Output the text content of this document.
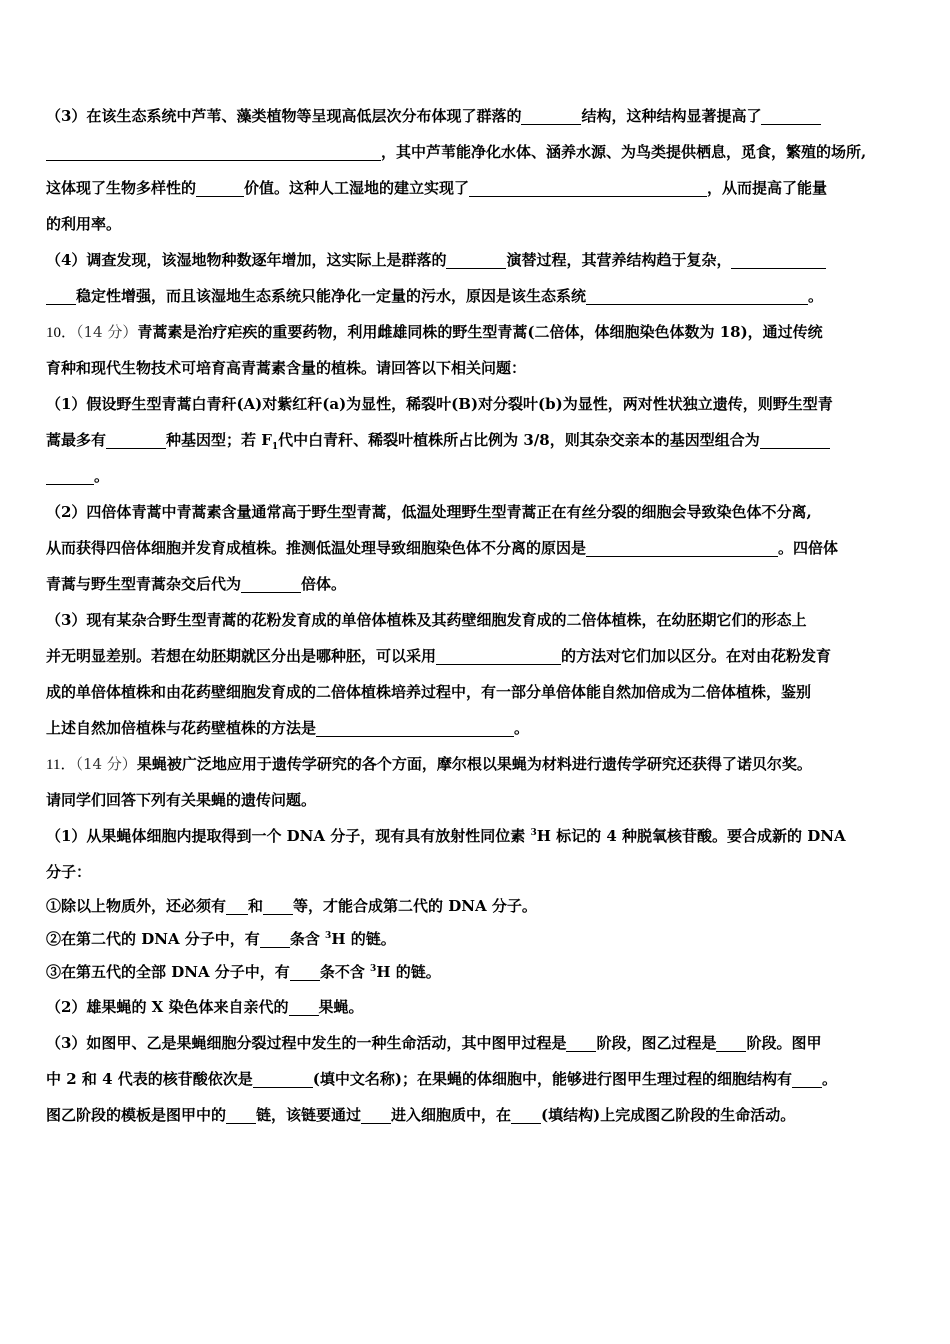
（3）在该生态系统中芦苇、藻类植物等呈现高低层次分布体现了群落的	结构，这种结构显著提高了
，其中芦苇能净化水体、涵养水源、为鸟类提供栖息，觅食，繁殖的场所,
这体现了生物多样性的	价值。这种人工湿地的建立实现了	，从而提高了能量
的利用率。
（4）调查发现，该湿地物种数逐年增加，这实际上是群落的	演替过程，其营养结构趋于复杂，
稳定性增强，而且该湿地生态系统只能净化一定量的污水，原因是该生态系统	。
10．（14 分）青蒿素是治疗疟疾的重要药物，利用雌雄同株的野生型青蒿(二倍体，体细胞染色体数为 18)，通过传统
育种和现代生物技术可培育高青蒿素含量的植株。请回答以下相关问题：
（1）假设野生型青蒿白青秆(A)对紫红秆(a)为显性，稀裂叶(B)对分裂叶(b)为显性，两对性状独立遗传，则野生型青
蒿最多有	种基因型；若 $F_1$代中白青秆、稀裂叶植株所占比例为 3/8，则其杂交亲本的基因型组合为
。
（2）四倍体青蒿中青蒿素含量通常高于野生型青蒿，低温处理野生型青蒿正在有丝分裂的细胞会导致染色体不分离,
从而获得四倍体细胞并发育成植株。推测低温处理导致细胞染色体不分离的原因是	。四倍体
青蒿与野生型青蒿杂交后代为	倍体。
（3）现有某杂合野生型青蒿的花粉发育成的单倍体植株及其药壁细胞发育成的二倍体植株，在幼胚期它们的形态上
并无明显差别。若想在幼胚期就区分出是哪种胚，可以采用	的方法对它们加以区分。在对由花粉发育
成的单倍体植株和由花药壁细胞发育成的二倍体植株培养过程中，有一部分单倍体能自然加倍成为二倍体植株，鉴别
上述自然加倍植株与花药壁植株的方法是	。
11．（14 分）果蝇被广泛地应用于遗传学研究的各个方面，摩尔根以果蝇为材料进行遗传学研究还获得了诺贝尔奖。
请同学们回答下列有关果蝇的遗传问题。
（1）从果蝇体细胞内提取得到一个 DNA 分子，现有具有放射性同位素 $^3$H 标记的 4 种脱氧核苷酸。要合成新的 DNA
分子：
①除以上物质外，还必须有 和 等，才能合成第二代的 DNA 分子。
②在第二代的 DNA 分子中，有 条含 $^3$H 的链。
③在第五代的全部 DNA 分子中，有 条不含 $^3$H 的链。
（2）雄果蝇的 X 染色体来自亲代的 果蝇。
（3）如图甲、乙是果蝇细胞分裂过程中发生的一种生命活动，其中图甲过程是 阶段，图乙过程是 阶段。图甲
中 2 和 4 代表的核苷酸依次是	(填中文名称)；在果蝇的体细胞中，能够进行图甲生理过程的细胞结构有 。
图乙阶段的模板是图甲中的 链，该链要通过 进入细胞质中，在 (填结构)上完成图乙阶段的生命活动。
